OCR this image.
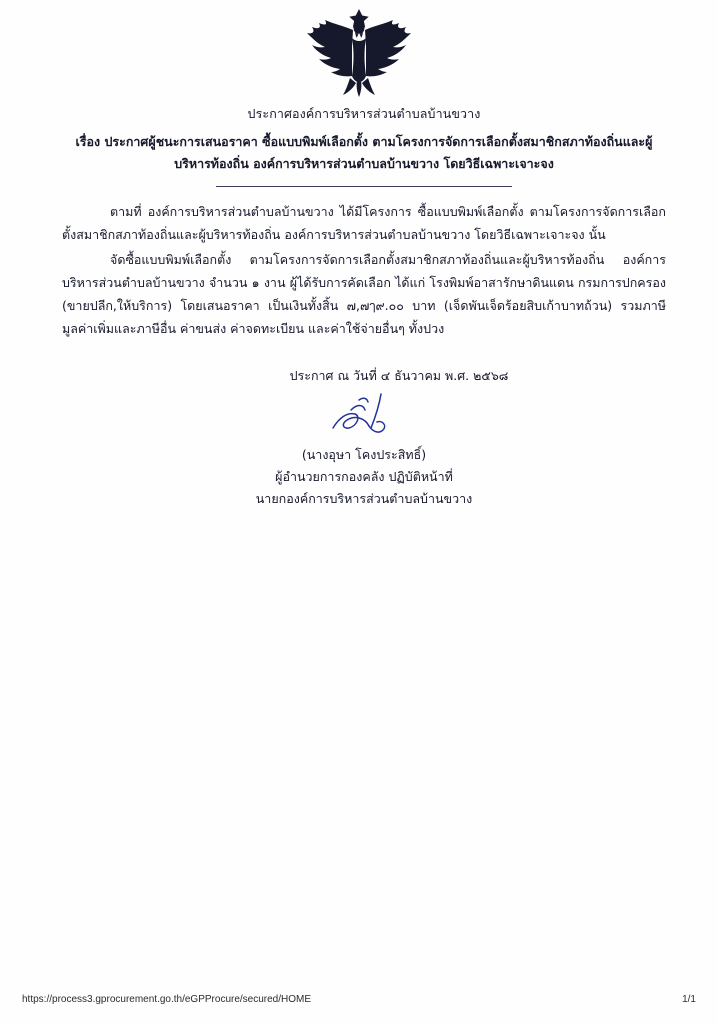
ประกาศองค์การบริหารส่วนตำบลบ้านขวาง
เรื่อง ประกาศผู้ชนะการเสนอราคา ซื้อแบบพิมพ์เลือกตั้ง ตามโครงการจัดการเลือกตั้งสมาชิกสภาท้องถิ่นและผู้บริหารท้องถิ่น องค์การบริหารส่วนตำบลบ้านขวาง โดยวิธีเฉพาะเจาะจง
ตามที่ องค์การบริหารส่วนตำบลบ้านขวาง ได้มีโครงการ ซื้อแบบพิมพ์เลือกตั้ง ตามโครงการจัดการเลือกตั้งสมาชิกสภาท้องถิ่นและผู้บริหารท้องถิ่น องค์การบริหารส่วนตำบลบ้านขวาง โดยวิธีเฉพาะเจาะจง นั้น
จัดซื้อแบบพิมพ์เลือกตั้ง ตามโครงการจัดการเลือกตั้งสมาชิกสภาท้องถิ่นและผู้บริหารท้องถิ่น องค์การบริหารส่วนตำบลบ้านขวาง จำนวน ๑ งาน ผู้ได้รับการคัดเลือก ได้แก่ โรงพิมพ์อาสารักษาดินแดน กรมการปกครอง (ขายปลีก,ให้บริการ) โดยเสนอราคา เป็นเงินทั้งสิ้น ๗,๗ๅ๙.๐๐ บาท (เจ็ดพันเจ็ดร้อยสิบเก้าบาทถ้วน) รวมภาษีมูลค่าเพิ่มและภาษีอื่น ค่าขนส่ง ค่าจดทะเบียน และค่าใช้จ่ายอื่นๆ ทั้งปวง
ประกาศ ณ วันที่ ๔ ธันวาคม พ.ศ. ๒๕๖๘
(นางอุษา โคงประสิทธิ์)
ผู้อำนวยการกองคลัง ปฏิบัติหน้าที่
นายกองค์การบริหารส่วนตำบลบ้านขวาง
https://process3.gprocurement.go.th/eGPProcure/secured/HOME	1/1
